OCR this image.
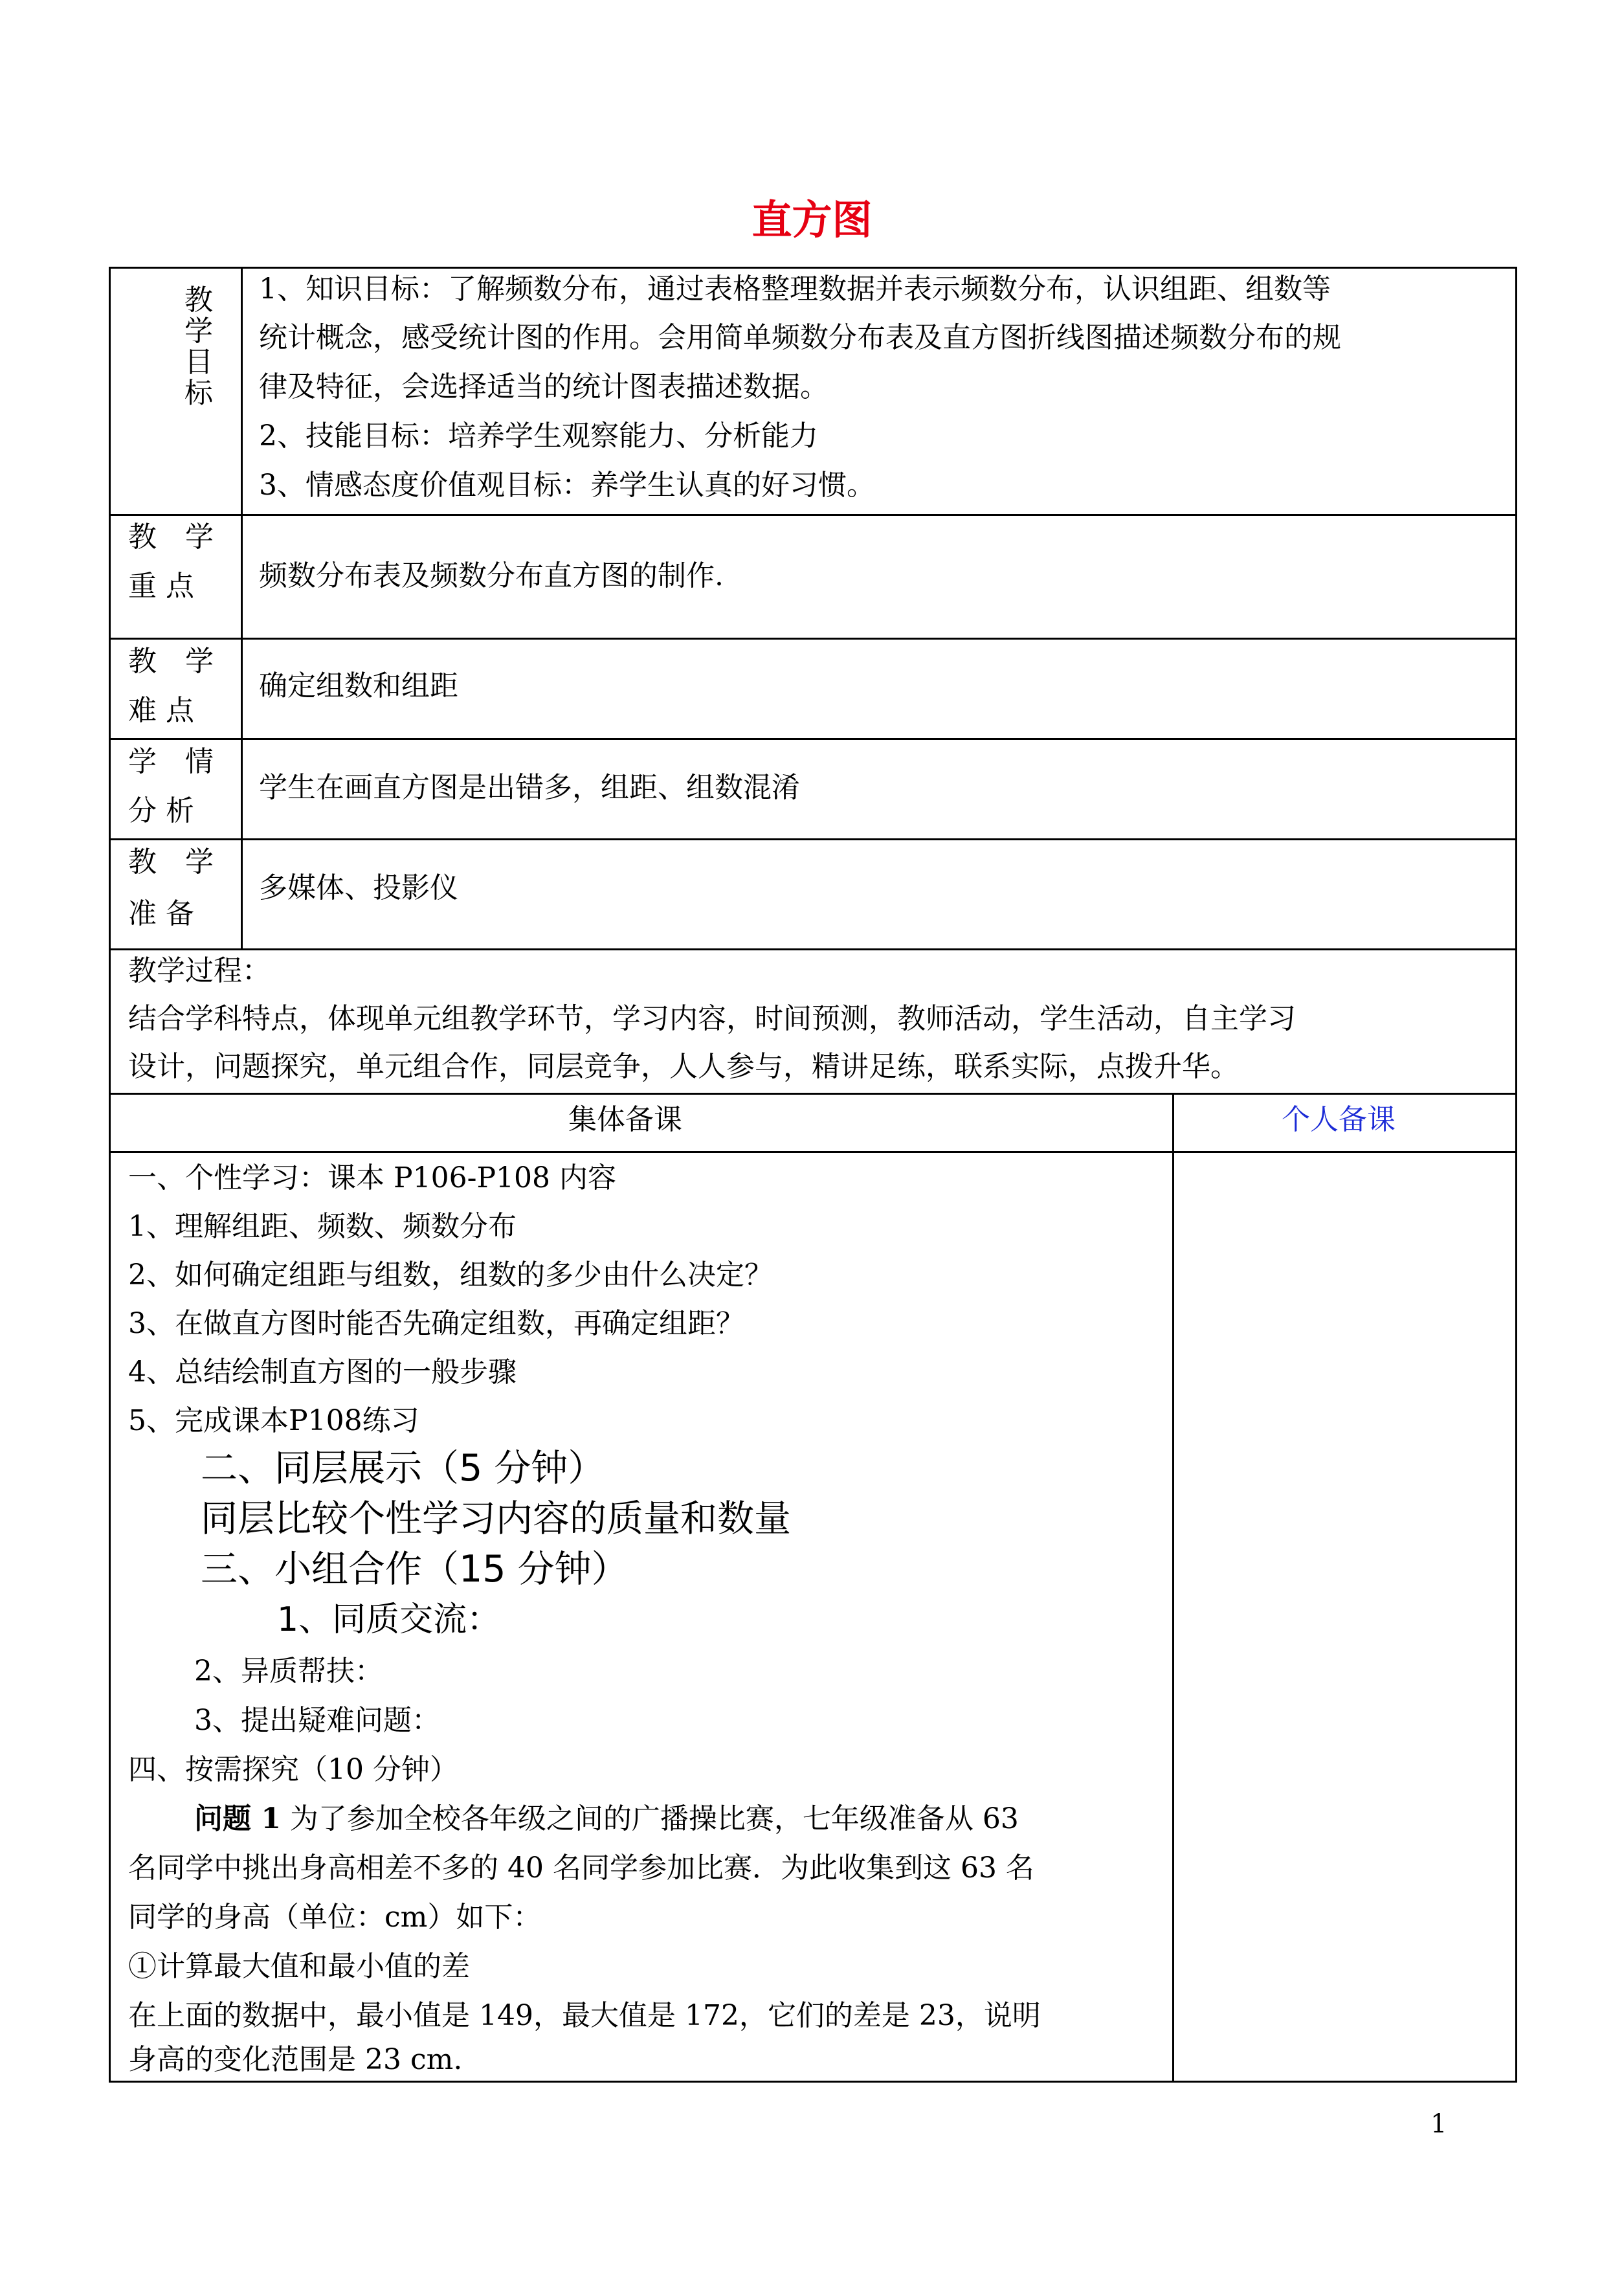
直方图
教
学
目
标
1、知识目标：了解频数分布，通过表格整理数据并表示频数分布，认识组距、组数等
统计概念，感受统计图的作用。会用简单频数分布表及直方图折线图描述频数分布的规
律及特征，会选择适当的统计图表描述数据。
2、技能目标：培养学生观察能力、分析能力
3、情感态度价值观目标：养学生认真的好习惯。
教　学
重 点 频数分布表及频数分布直方图的制作.
教　学
难 点
确定组数和组距
学　情
分 析
学生在画直方图是出错多，组距、组数混淆
教　学
准 备
多媒体、投影仪
教学过程：
结合学科特点，体现单元组教学环节，学习内容，时间预测，教师活动，学生活动，自主学习
设计，问题探究，单元组合作，同层竞争，人人参与，精讲足练，联系实际，点拨升华。
集体备课	个人备课
一、个性学习：课本 P106-P108 内容
1、理解组距、频数、频数分布
2、如何确定组距与组数，组数的多少由什么决定？
3、在做直方图时能否先确定组数，再确定组距？
4、总结绘制直方图的一般步骤
5、完成课本P108练习
二、同层展示（5 分钟）
同层比较个性学习内容的质量和数量
三、小组合作（15 分钟）
1、同质交流：
2、异质帮扶：
3、提出疑难问题：
四、按需探究（10 分钟）
问题 1 为了参加全校各年级之间的广播操比赛，七年级准备从 63
名同学中挑出身高相差不多的 40 名同学参加比赛．为此收集到这 63 名
同学的身高（单位：cm）如下：
①计算最大值和最小值的差
在上面的数据中，最小值是 149，最大值是 172，它们的差是 23，说明
身高的变化范围是 23 cm.
1
